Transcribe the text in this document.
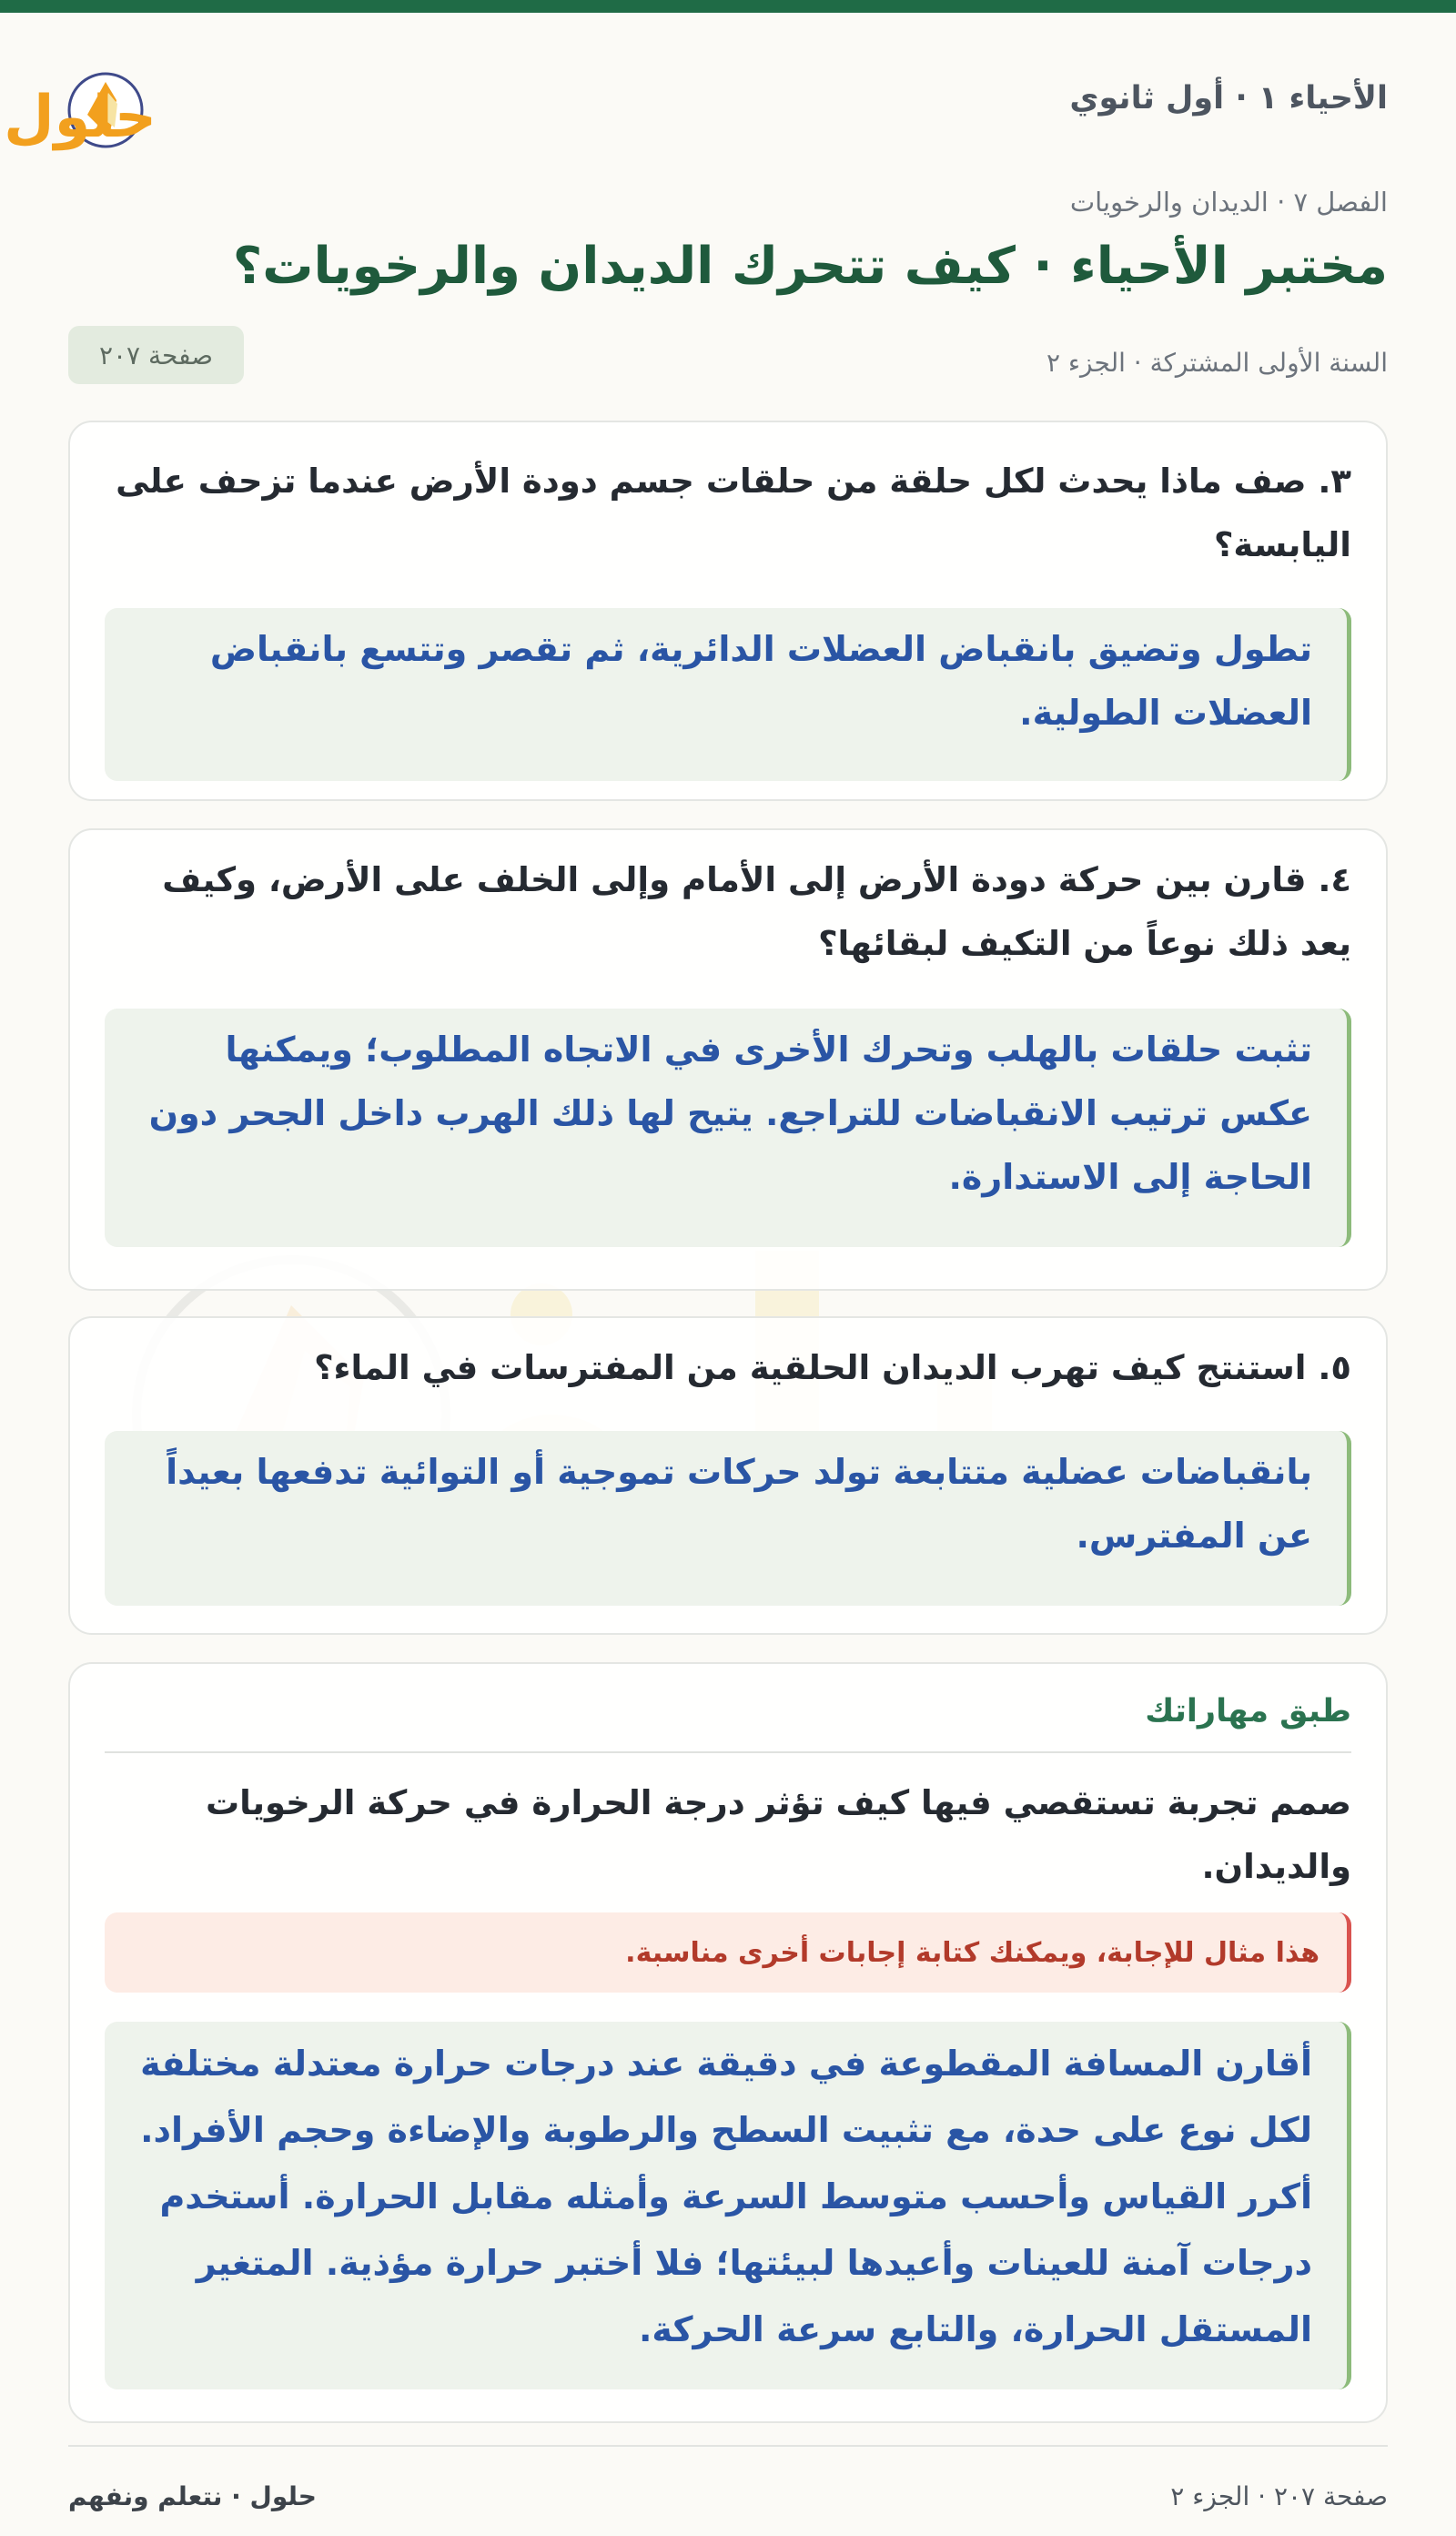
الأحياء ١ · أول ثانوي
حلول
الفصل ٧ · الديدان والرخويات
مختبر الأحياء · كيف تتحرك الديدان والرخويات؟
السنة الأولى المشتركة · الجزء ٢
صفحة ٢٠٧

٣. صف ماذا يحدث لكل حلقة من حلقات جسم دودة الأرض عندما تزحف على اليابسة؟

تطول وتضيق بانقباض العضلات الدائرية، ثم تقصر وتتسع بانقباض العضلات الطولية.

٤. قارن بين حركة دودة الأرض إلى الأمام وإلى الخلف على الأرض، وكيف يعد ذلك نوعاً من التكيف لبقائها؟

تثبت حلقات بالهلب وتحرك الأخرى في الاتجاه المطلوب؛ ويمكنها عكس ترتيب الانقباضات للتراجع. يتيح لها ذلك الهرب داخل الجحر دون الحاجة إلى الاستدارة.

٥. استنتج كيف تهرب الديدان الحلقية من المفترسات في الماء؟

بانقباضات عضلية متتابعة تولد حركات تموجية أو التوائية تدفعها بعيداً عن المفترس.
طبق مهاراتك

صمم تجربة تستقصي فيها كيف تؤثر درجة الحرارة في حركة الرخويات والديدان.

هذا مثال للإجابة، ويمكنك كتابة إجابات أخرى مناسبة.
أقارن المسافة المقطوعة في دقيقة عند درجات حرارة معتدلة مختلفة لكل نوع على حدة، مع تثبيت السطح والرطوبة والإضاءة وحجم الأفراد. أكرر القياس وأحسب متوسط السرعة وأمثله مقابل الحرارة. أستخدم درجات آمنة للعينات وأعيدها لبيئتها؛ فلا أختبر حرارة مؤذية. المتغير المستقل الحرارة، والتابع سرعة الحركة.
صفحة ٢٠٧ · الجزء ٢
حلول · نتعلم ونفهم
